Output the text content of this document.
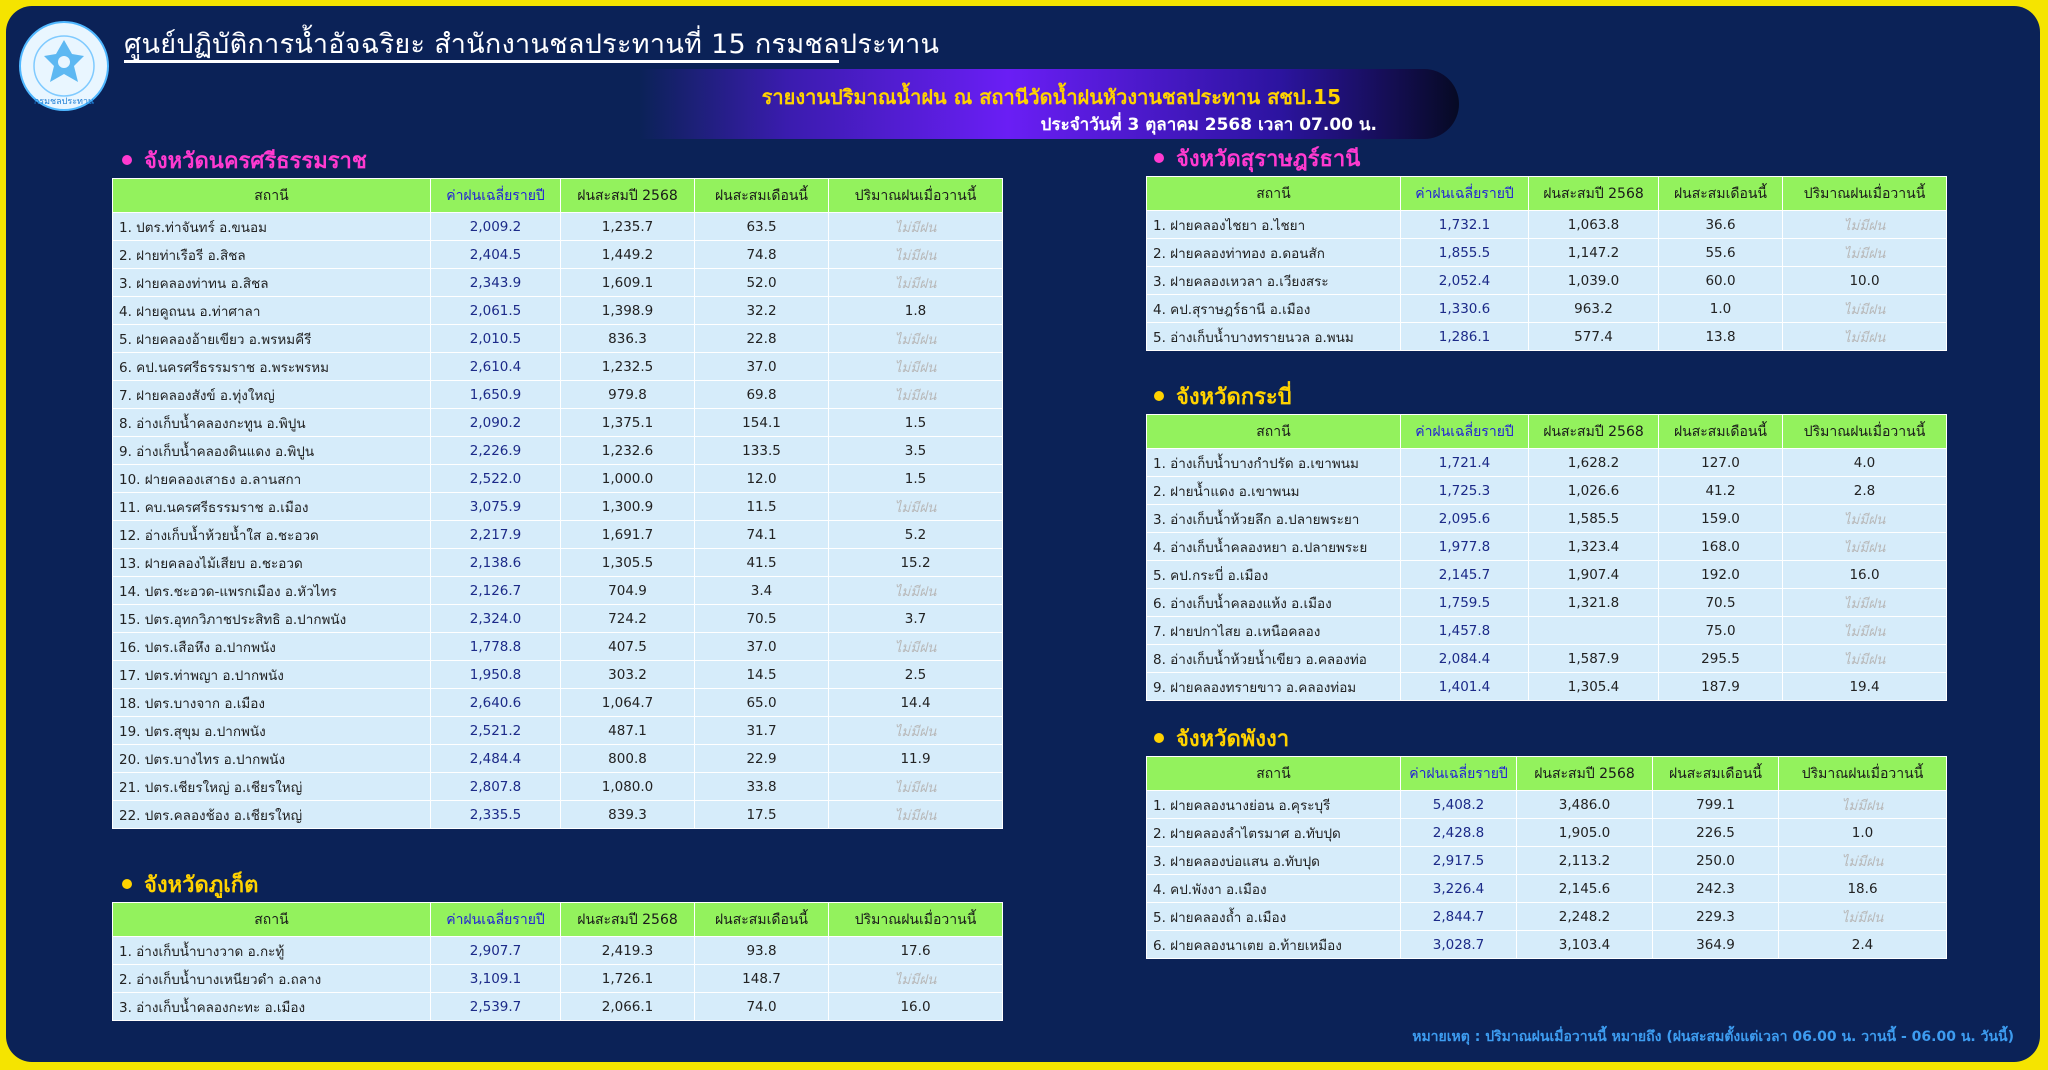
กรมชลประทาน
ศูนย์ปฏิบัติการน้ำอัจฉริยะ สำนักงานชลประทานที่ 15 กรมชลประทาน
รายงานปริมาณน้ำฝน ณ สถานีวัดน้ำฝนหัวงานชลประทาน สชป.15
ประจำวันที่ 3 ตุลาคม 2568 เวลา 07.00 น.
จังหวัดนครศรีธรรมราช
สถานี	ค่าฝนเฉลี่ยรายปี	ฝนสะสมปี 2568	ฝนสะสมเดือนนี้	ปริมาณฝนเมื่อวานนี้
1. ปตร.ท่าจันทร์ อ.ขนอม	2,009.2	1,235.7	63.5	ไม่มีฝน
2. ฝายท่าเรือรี อ.สิชล	2,404.5	1,449.2	74.8	ไม่มีฝน
3. ฝายคลองท่าทน อ.สิชล	2,343.9	1,609.1	52.0	ไม่มีฝน
4. ฝายคูถนน อ.ท่าศาลา	2,061.5	1,398.9	32.2	1.8
5. ฝายคลองอ้ายเขียว อ.พรหมคีรี	2,010.5	836.3	22.8	ไม่มีฝน
6. คป.นครศรีธรรมราช อ.พระพรหม	2,610.4	1,232.5	37.0	ไม่มีฝน
7. ฝายคลองสังข์ อ.ทุ่งใหญ่	1,650.9	979.8	69.8	ไม่มีฝน
8. อ่างเก็บน้ำคลองกะทูน อ.พิปูน	2,090.2	1,375.1	154.1	1.5
9. อ่างเก็บน้ำคลองดินแดง อ.พิปูน	2,226.9	1,232.6	133.5	3.5
10. ฝายคลองเสาธง อ.ลานสกา	2,522.0	1,000.0	12.0	1.5
11. คบ.นครศรีธรรมราช อ.เมือง	3,075.9	1,300.9	11.5	ไม่มีฝน
12. อ่างเก็บน้ำห้วยน้ำใส อ.ชะอวด	2,217.9	1,691.7	74.1	5.2
13. ฝายคลองไม้เสียบ อ.ชะอวด	2,138.6	1,305.5	41.5	15.2
14. ปตร.ชะอวด-แพรกเมือง อ.หัวไทร	2,126.7	704.9	3.4	ไม่มีฝน
15. ปตร.อุทกวิภาชประสิทธิ อ.ปากพนัง	2,324.0	724.2	70.5	3.7
16. ปตร.เสือหึง อ.ปากพนัง	1,778.8	407.5	37.0	ไม่มีฝน
17. ปตร.ท่าพญา อ.ปากพนัง	1,950.8	303.2	14.5	2.5
18. ปตร.บางจาก อ.เมือง	2,640.6	1,064.7	65.0	14.4
19. ปตร.สุขุม อ.ปากพนัง	2,521.2	487.1	31.7	ไม่มีฝน
20. ปตร.บางไทร อ.ปากพนัง	2,484.4	800.8	22.9	11.9
21. ปตร.เชียรใหญ่ อ.เชียรใหญ่	2,807.8	1,080.0	33.8	ไม่มีฝน
22. ปตร.คลองช้อง อ.เชียรใหญ่	2,335.5	839.3	17.5	ไม่มีฝน
จังหวัดภูเก็ต
สถานี	ค่าฝนเฉลี่ยรายปี	ฝนสะสมปี 2568	ฝนสะสมเดือนนี้	ปริมาณฝนเมื่อวานนี้
1. อ่างเก็บน้ำบางวาด อ.กะทู้	2,907.7	2,419.3	93.8	17.6
2. อ่างเก็บน้ำบางเหนียวดำ อ.ถลาง	3,109.1	1,726.1	148.7	ไม่มีฝน
3. อ่างเก็บน้ำคลองกะทะ อ.เมือง	2,539.7	2,066.1	74.0	16.0
จังหวัดสุราษฎร์ธานี
สถานี	ค่าฝนเฉลี่ยรายปี	ฝนสะสมปี 2568	ฝนสะสมเดือนนี้	ปริมาณฝนเมื่อวานนี้
1. ฝายคลองไชยา อ.ไชยา	1,732.1	1,063.8	36.6	ไม่มีฝน
2. ฝายคลองท่าทอง อ.ดอนสัก	1,855.5	1,147.2	55.6	ไม่มีฝน
3. ฝายคลองเหวลา อ.เวียงสระ	2,052.4	1,039.0	60.0	10.0
4. คป.สุราษฎร์ธานี อ.เมือง	1,330.6	963.2	1.0	ไม่มีฝน
5. อ่างเก็บน้ำบางทรายนวล อ.พนม	1,286.1	577.4	13.8	ไม่มีฝน
จังหวัดกระบี่
สถานี	ค่าฝนเฉลี่ยรายปี	ฝนสะสมปี 2568	ฝนสะสมเดือนนี้	ปริมาณฝนเมื่อวานนี้
1. อ่างเก็บน้ำบางกำปรัด อ.เขาพนม	1,721.4	1,628.2	127.0	4.0
2. ฝายน้ำแดง อ.เขาพนม	1,725.3	1,026.6	41.2	2.8
3. อ่างเก็บน้ำห้วยลึก อ.ปลายพระยา	2,095.6	1,585.5	159.0	ไม่มีฝน
4. อ่างเก็บน้ำคลองหยา อ.ปลายพระย	1,977.8	1,323.4	168.0	ไม่มีฝน
5. คป.กระบี่ อ.เมือง	2,145.7	1,907.4	192.0	16.0
6. อ่างเก็บน้ำคลองแห้ง อ.เมือง	1,759.5	1,321.8	70.5	ไม่มีฝน
7. ฝายปกาไสย อ.เหนือคลอง	1,457.8		75.0	ไม่มีฝน
8. อ่างเก็บน้ำห้วยน้ำเขียว อ.คลองท่อ	2,084.4	1,587.9	295.5	ไม่มีฝน
9. ฝายคลองทรายขาว อ.คลองท่อม	1,401.4	1,305.4	187.9	19.4
จังหวัดพังงา
สถานี	ค่าฝนเฉลี่ยรายปี	ฝนสะสมปี 2568	ฝนสะสมเดือนนี้	ปริมาณฝนเมื่อวานนี้
1. ฝายคลองนางย่อน อ.คุระบุรี	5,408.2	3,486.0	799.1	ไม่มีฝน
2. ฝายคลองลำไตรมาศ อ.ทับปุด	2,428.8	1,905.0	226.5	1.0
3. ฝายคลองบ่อแสน อ.ทับปุด	2,917.5	2,113.2	250.0	ไม่มีฝน
4. คป.พังงา อ.เมือง	3,226.4	2,145.6	242.3	18.6
5. ฝายคลองถ้ำ อ.เมือง	2,844.7	2,248.2	229.3	ไม่มีฝน
6. ฝายคลองนาเตย อ.ท้ายเหมือง	3,028.7	3,103.4	364.9	2.4
หมายเหตุ : ปริมาณฝนเมื่อวานนี้ หมายถึง (ฝนสะสมตั้งแต่เวลา 06.00 น. วานนี้ - 06.00 น. วันนี้)
